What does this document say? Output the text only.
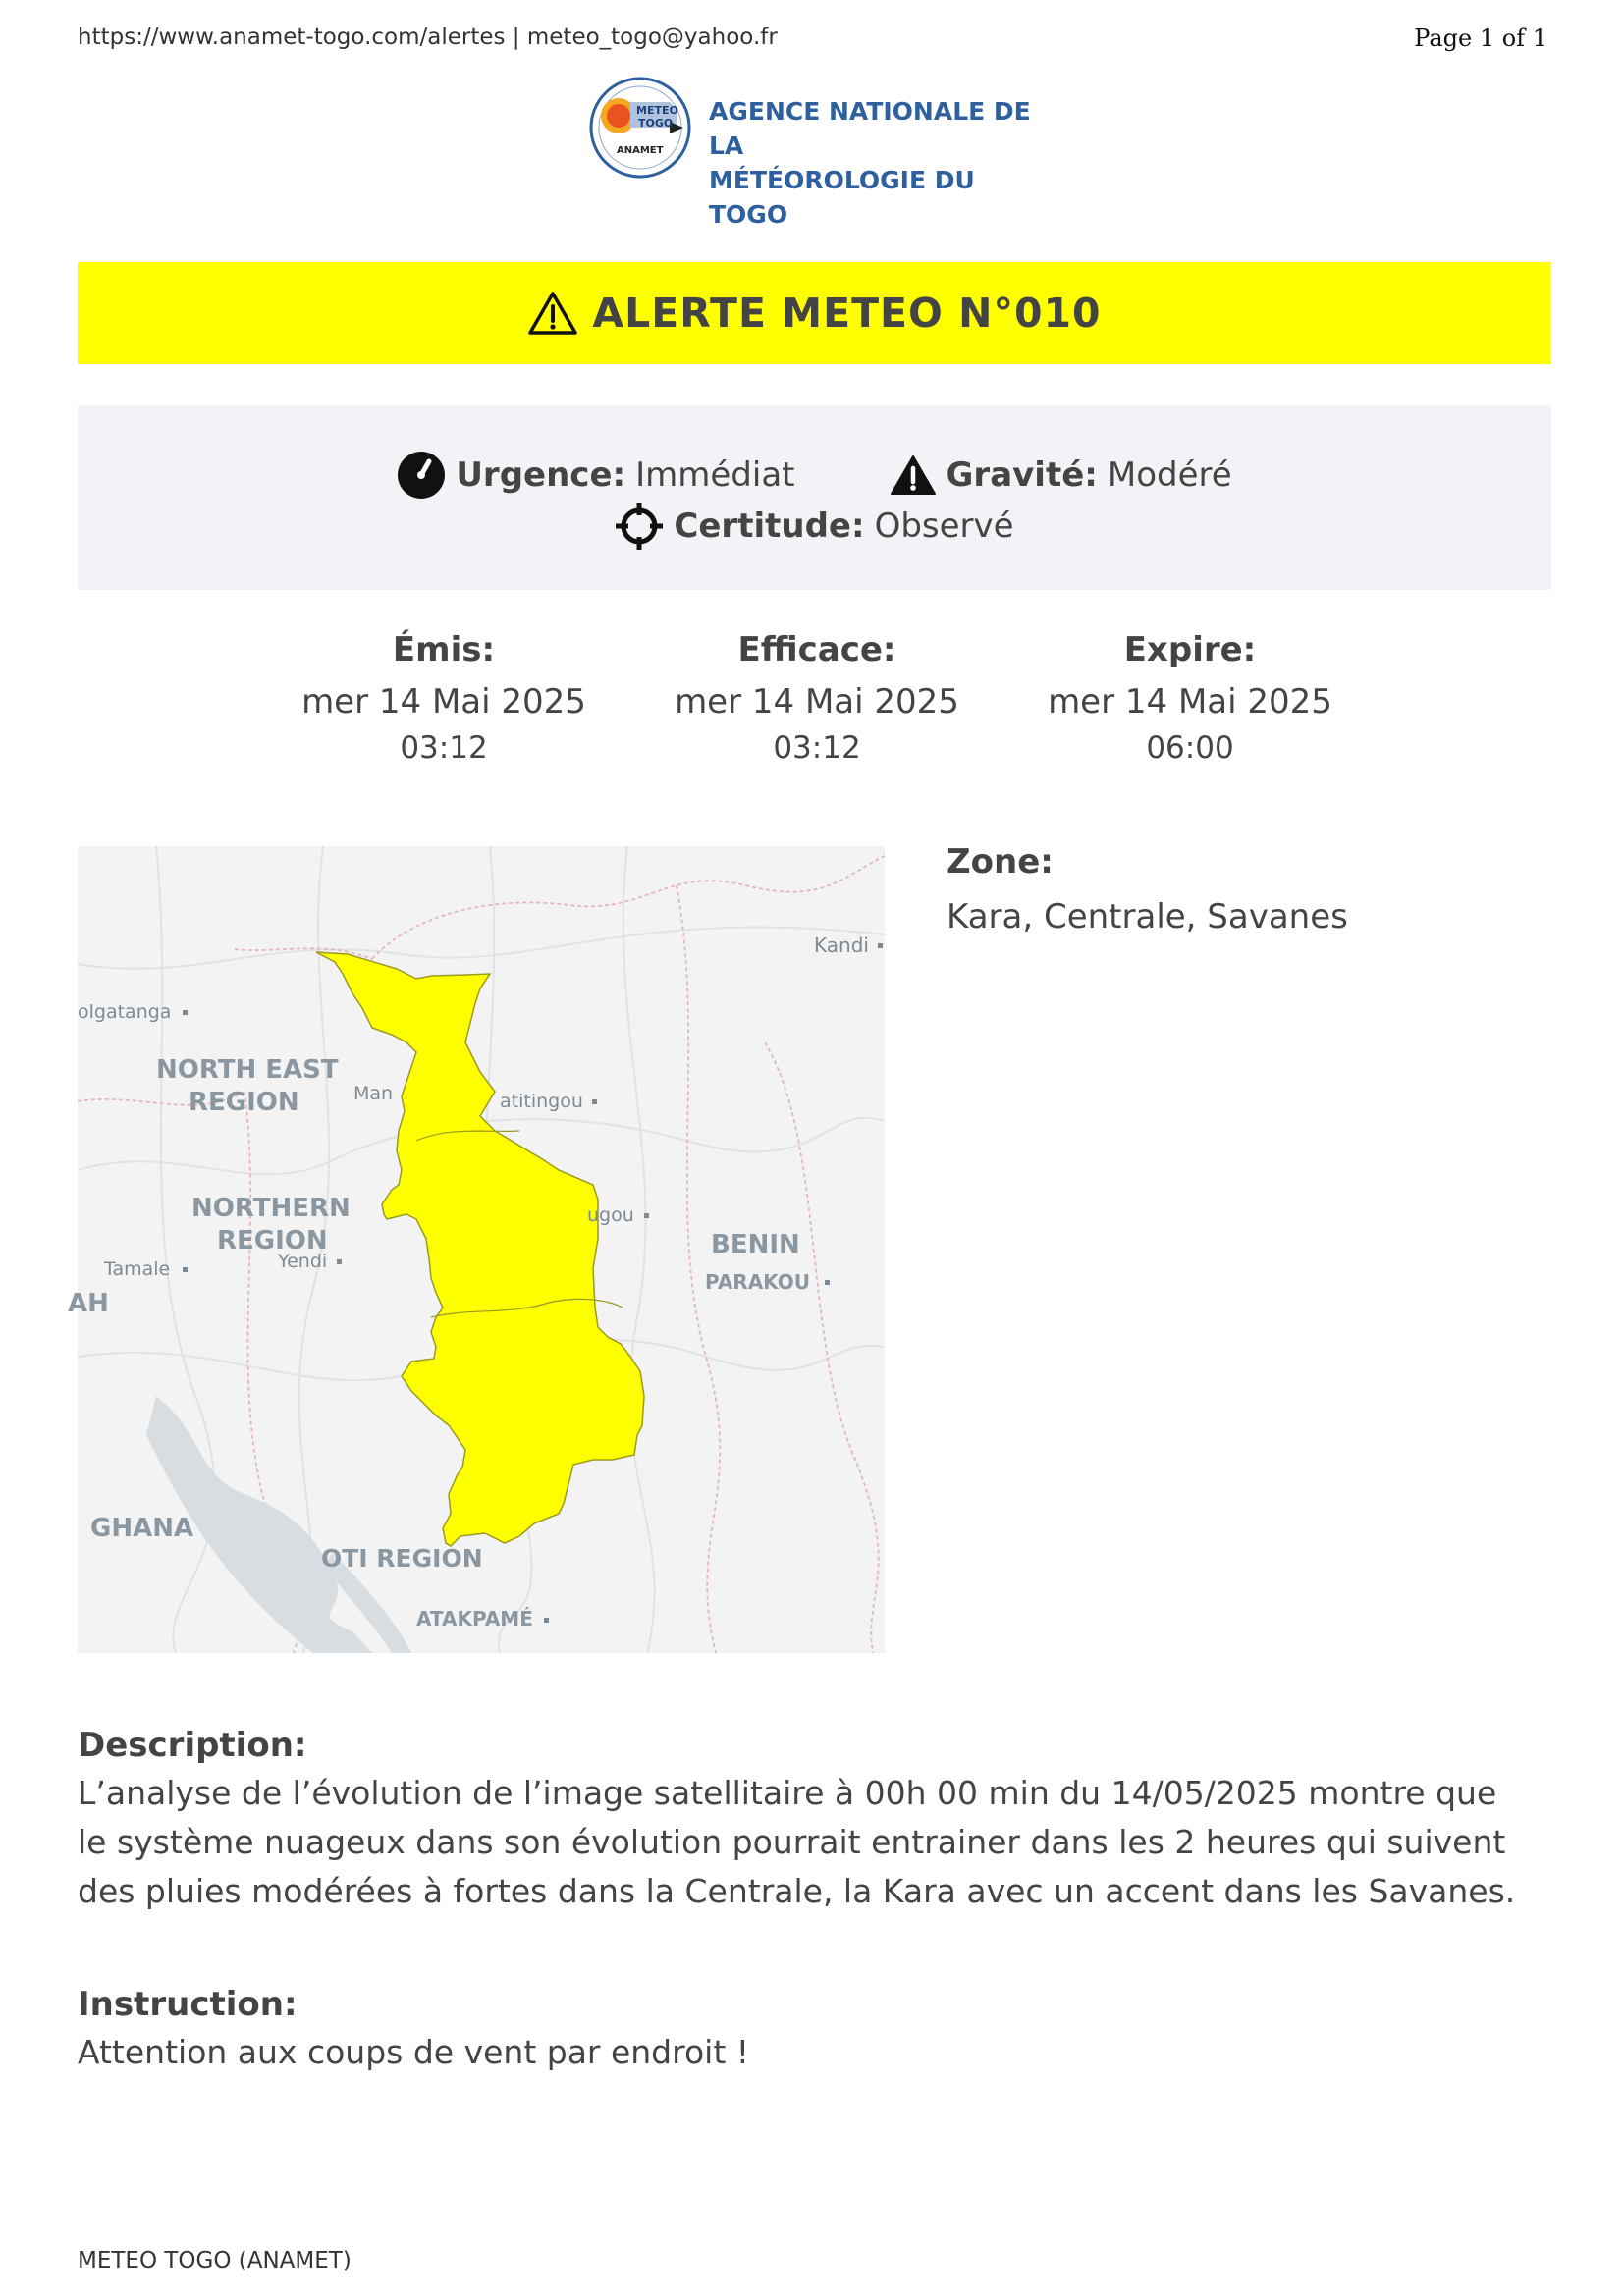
https://www.anamet-togo.com/alertes | meteo_togo@yahoo.fr	Page 1 of 1
METEO
TOGO
ANAMET
AGENCE NATIONALE DE LA
MÉTÉOROLOGIE DU TOGO
ALERTE METEO N°010
Urgence: Immédiat	Gravité: Modéré
Certitude: Observé
Émis:
mer 14 Mai 2025
03:12
Efficace:
mer 14 Mai 2025
03:12
Expire:
mer 14 Mai 2025
06:00
Kandi
olgatanga
NORTH EAST
REGION	Man	atitingou
NORTHERN
REGION
ugou
Tamale	Yendi
BENIN
PARAKOU
AH
GHANA
OTI REGION
ATAKPAMÉ
Zone:
Kara, Centrale, Savanes
Description:
L’analyse de l’évolution de l’image satellitaire à 00h 00 min du 14/05/2025 montre que
le système nuageux dans son évolution pourrait entrainer dans les 2 heures qui suivent
des pluies modérées à fortes dans la Centrale, la Kara avec un accent dans les Savanes.
Instruction:
Attention aux coups de vent par endroit !
METEO TOGO (ANAMET)
